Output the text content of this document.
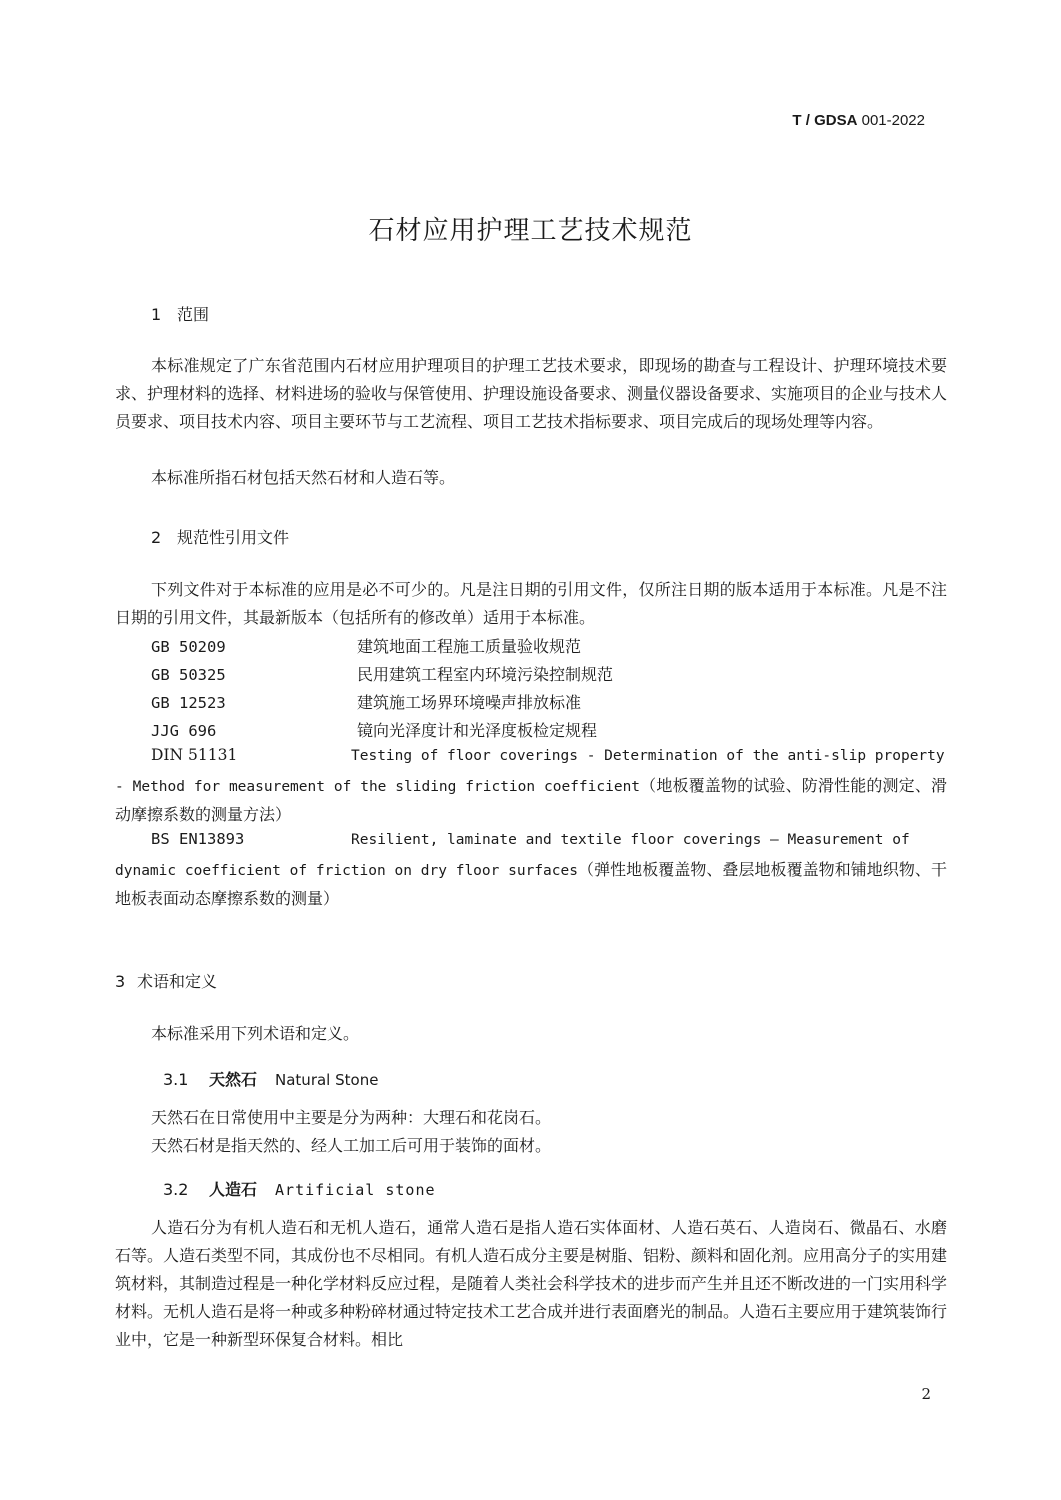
T / GDSA 001-2022
石材应用护理工艺技术规范
1 范围
本标准规定了广东省范围内石材应用护理项目的护理工艺技术要求，即现场的勘查与工程设计、护理环境技术要求、护理材料的选择、材料进场的验收与保管使用、护理设施设备要求、测量仪器设备要求、实施项目的企业与技术人员要求、项目技术内容、项目主要环节与工艺流程、项目工艺技术指标要求、项目完成后的现场处理等内容。
本标准所指石材包括天然石材和人造石等。
2 规范性引用文件
下列文件对于本标准的应用是必不可少的。凡是注日期的引用文件，仅所注日期的版本适用于本标准。凡是不注日期的引用文件，其最新版本（包括所有的修改单）适用于本标准。
GB 50209	建筑地面工程施工质量验收规范
GB 50325	民用建筑工程室内环境污染控制规范
GB 12523	建筑施工场界环境噪声排放标准
JJG 696	镜向光泽度计和光泽度板检定规程
DIN 51131	Testing of floor coverings - Determination of the anti-slip property
- Method for measurement of the sliding friction coefficient（地板覆盖物的试验、防滑性能的测定、滑动摩擦系数的测量方法）
BS EN13893	Resilient, laminate and textile floor coverings — Measurement of
dynamic coefficient of friction on dry floor surfaces（弹性地板覆盖物、叠层地板覆盖物和铺地织物、干地板表面动态摩擦系数的测量）
3 术语和定义
本标准采用下列术语和定义。
3.1 天然石 Natural Stone
天然石在日常使用中主要是分为两种：大理石和花岗石。
天然石材是指天然的、经人工加工后可用于装饰的面材。
3.2 人造石 Artificial stone
人造石分为有机人造石和无机人造石，通常人造石是指人造石实体面材、人造石英石、人造岗石、微晶石、水磨石等。人造石类型不同，其成份也不尽相同。有机人造石成分主要是树脂、铝粉、颜料和固化剂。应用高分子的实用建筑材料，其制造过程是一种化学材料反应过程，是随着人类社会科学技术的进步而产生并且还不断改进的一门实用科学材料。无机人造石是将一种或多种粉碎材通过特定技术工艺合成并进行表面磨光的制品。人造石主要应用于建筑装饰行业中，它是一种新型环保复合材料。相比
2
